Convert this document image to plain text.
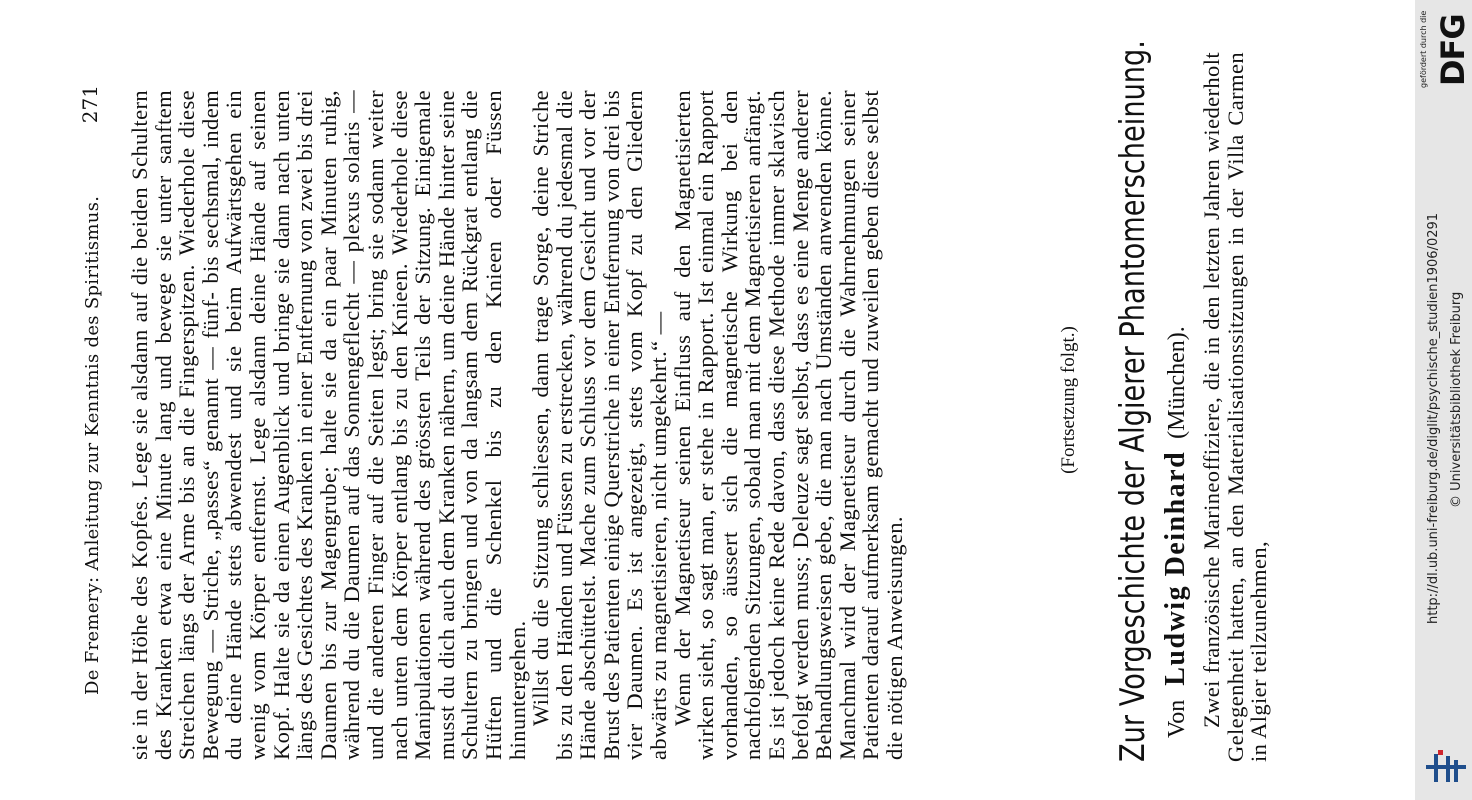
De Fremery: Anleitung zur Kenntnis des Spiritismus.
271 sie in der Höhe des Kopfes. Lege sie alsdann auf die beiden Schultern des Kranken etwa eine Minute lang und bewege sie unter sanftem Streichen längs der Arme bis an die Fingerspitzen. Wiederhole diese Bewegung — Striche, „passes“ genannt — fünf- bis sechsmal, indem du deine Hände stets abwendest und sie beim Aufwärtsgehen ein wenig vom Körper entfernst. Lege alsdann deine Hände auf seinen Kopf. Halte sie da einen Augenblick und bringe sie dann nach unten längs des Gesichtes des Kranken in einer Entfernung von zwei bis drei Daumen bis zur Magengrube; halte sie da ein paar Minuten ruhig, während du die Daumen auf das Sonnengeflecht — plexus solaris — und die anderen Finger auf die Seiten legst; bring sie sodann weiter nach unten dem Körper entlang bis zu den Knieen. Wiederhole diese Manipulationen während des grössten Teils der Sitzung. Einigemale musst du dich auch dem Kranken nähern, um deine Hände hinter seine Schultern zu bringen und von da langsam dem Rückgrat entlang die Hüften und die Schenkel bis zu den Knieen oder Füssen hinuntergehen.

Willst du die Sitzung schliessen, dann trage Sorge, deine Striche bis zu den Händen und Füssen zu erstrecken, während du jedesmal die Hände abschüttelst. Mache zum Schluss vor dem Gesicht und vor der Brust des Patienten einige Querstriche in einer Entfernung von drei bis vier Daumen. Es ist angezeigt, stets vom Kopf zu den Gliedern abwärts zu magnetisieren, nicht umgekehrt.“ —

Wenn der Magnetiseur seinen Einfluss auf den Magnetisierten wirken sieht, so sagt man, er stehe in Rapport. Ist einmal ein Rapport vorhanden, so äussert sich die magnetische Wirkung bei den nachfolgenden Sitzungen, sobald man mit dem Magnetisieren anfängt. Es ist jedoch keine Rede davon, dass diese Methode immer sklavisch befolgt werden muss; Deleuze sagt selbst, dass es eine Menge anderer Behandlungsweisen gebe, die man nach Umständen anwenden könne. Manchmal wird der Magnetiseur durch die Wahrnehmungen seiner Patienten darauf aufmerksam gemacht und zuweilen geben diese selbst die nötigen Anweisungen.

(Fortsetzung folgt.) Zur Vorgeschichte der Algierer Phantomerscheinung. Von Ludwig Deinhard (München). Zwei französische Marineoffiziere, die in den letzten Jahren wiederholt Gelegenheit hatten, an den Materialisationssitzungen in der Villa Carmen in Algier teilzunehmen,

gefördert durch die DFG
http://dl.ub.uni-freiburg.de/diglit/psychische_studien1906/0291 © Universitätsbibliothek Freiburg
